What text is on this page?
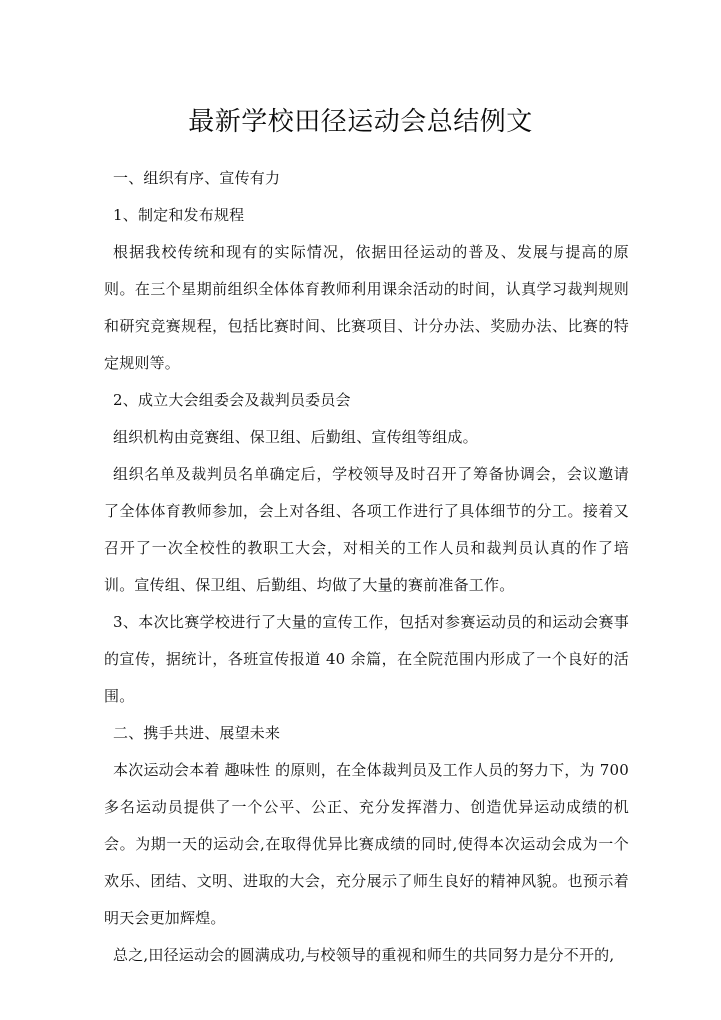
最新学校田径运动会总结例文

一、组织有序、宣传有力

1、制定和发布规程

根据我校传统和现有的实际情况，依据田径运动的普及、发展与提高的原则。在三个星期前组织全体体育教师利用课余活动的时间，认真学习裁判规则和研究竞赛规程，包括比赛时间、比赛项目、计分办法、奖励办法、比赛的特定规则等。

2、成立大会组委会及裁判员委员会

组织机构由竞赛组、保卫组、后勤组、宣传组等组成。

组织名单及裁判员名单确定后，学校领导及时召开了筹备协调会，会议邀请了全体体育教师参加，会上对各组、各项工作进行了具体细节的分工。接着又召开了一次全校性的教职工大会，对相关的工作人员和裁判员认真的作了培训。宣传组、保卫组、后勤组、均做了大量的赛前准备工作。

3、本次比赛学校进行了大量的宣传工作，包括对参赛运动员的和运动会赛事的宣传，据统计，各班宣传报道 40 余篇，在全院范围内形成了一个良好的活围。

二、携手共进、展望未来

本次运动会本着 趣味性 的原则，在全体裁判员及工作人员的努力下，为 700 多名运动员提供了一个公平、公正、充分发挥潜力、创造优异运动成绩的机会。为期一天的运动会,在取得优异比赛成绩的同时,使得本次运动会成为一个欢乐、团结、文明、进取的大会，充分展示了师生良好的精神风貌。也预示着明天会更加辉煌。

总之,田径运动会的圆满成功,与校领导的重视和师生的共同努力是分不开的,
